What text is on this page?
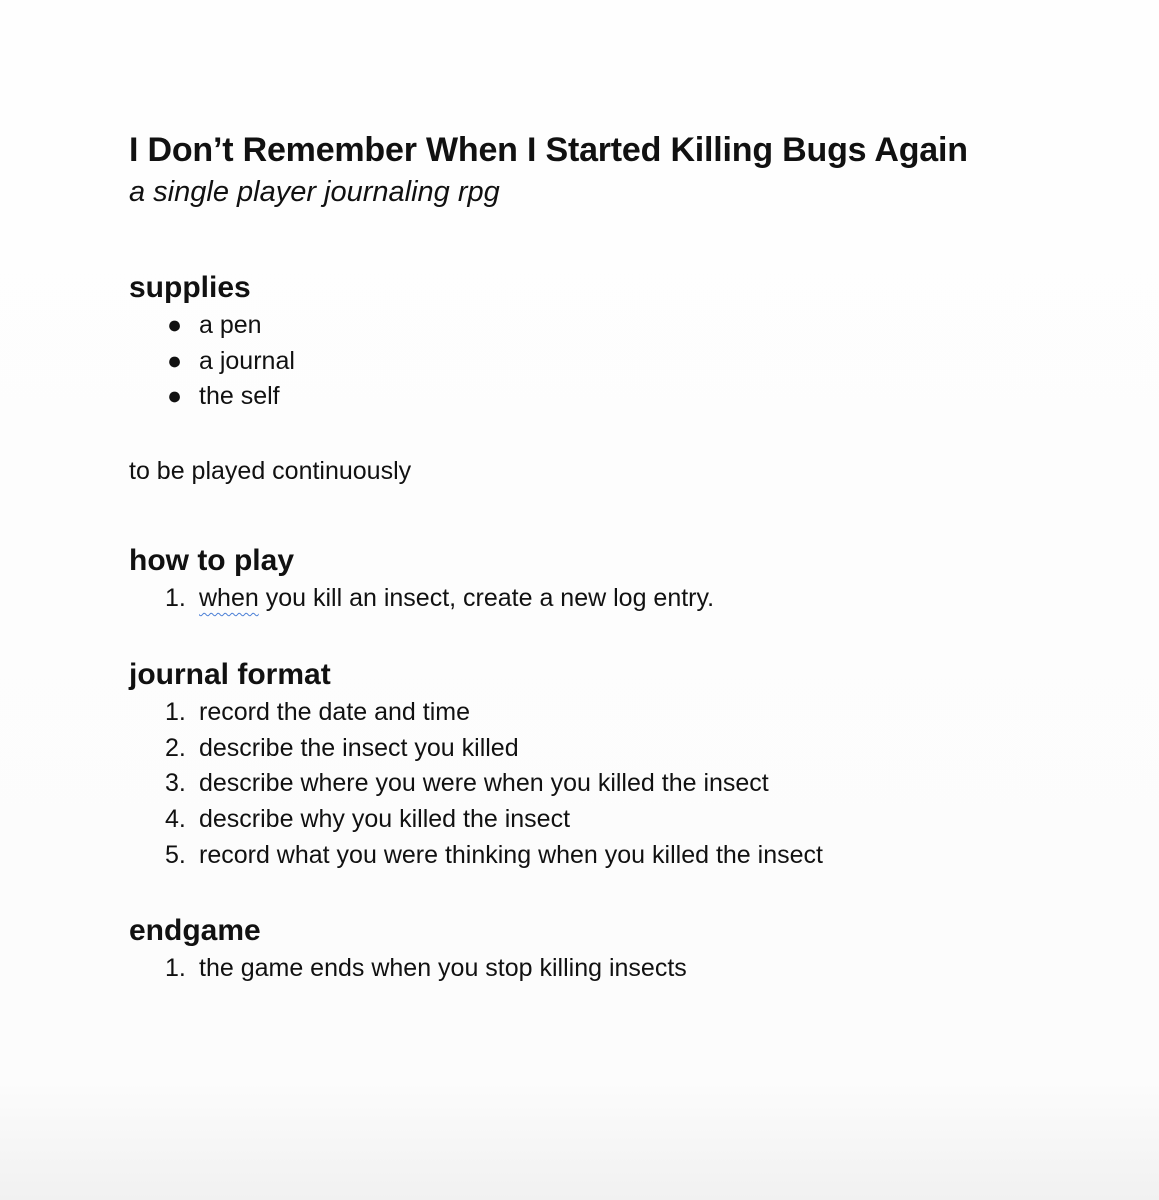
I Don’t Remember When I Started Killing Bugs Again

a single player journaling rpg

supplies
● a pen
● a journal
● the self

to be played continuously

how to play
1. when you kill an insect, create a new log entry.
journal format
1. record the date and time
2. describe the insect you killed
3. describe where you were when you killed the insect
4. describe why you killed the insect
5. record what you were thinking when you killed the insect
endgame
1. the game ends when you stop killing insects
